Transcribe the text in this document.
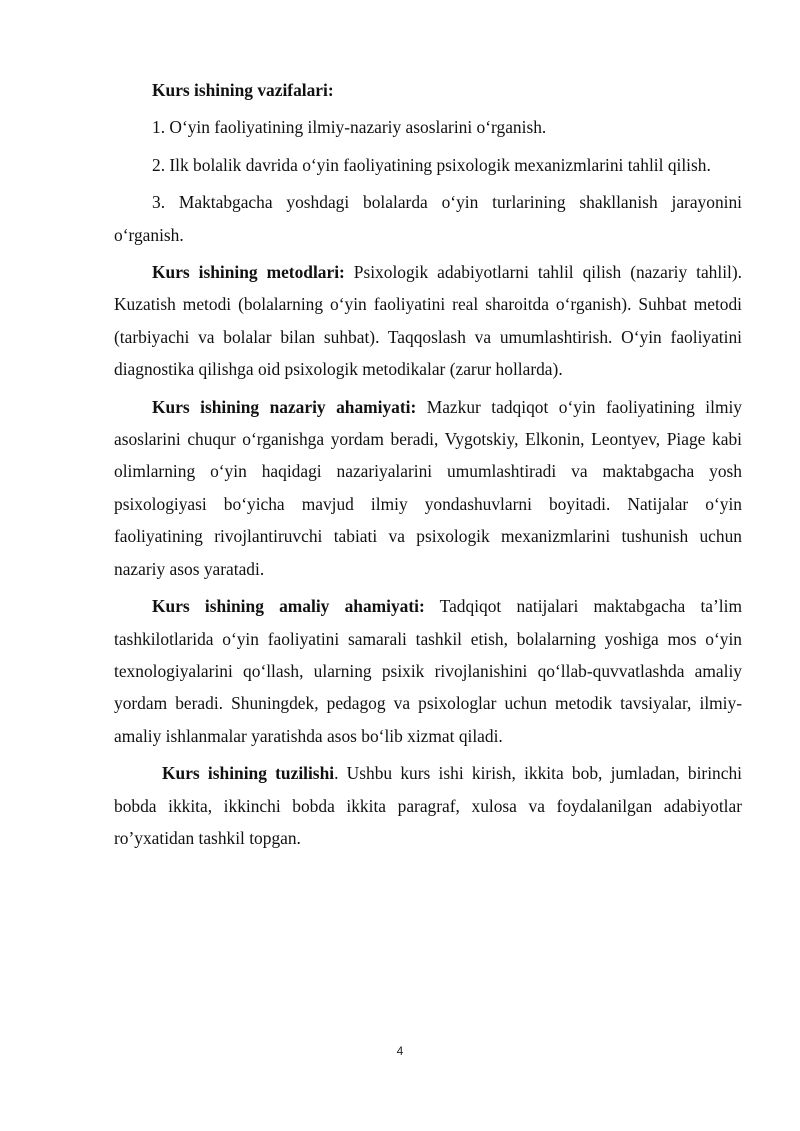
Kurs ishining vazifalari:

1. O‘yin faoliyatining ilmiy-nazariy asoslarini o‘rganish.

2. Ilk bolalik davrida o‘yin faoliyatining psixologik mexanizmlarini tahlil qilish.

3. Maktabgacha yoshdagi bolalarda o‘yin turlarining shakllanish jarayonini o‘rganish.

Kurs ishining metodlari: Psixologik adabiyotlarni tahlil qilish (nazariy tahlil). Kuzatish metodi (bolalarning o‘yin faoliyatini real sharoitda o‘rganish). Suhbat metodi (tarbiyachi va bolalar bilan suhbat). Taqqoslash va umumlashtirish. O‘yin faoliyatini diagnostika qilishga oid psixologik metodikalar (zarur hollarda).

Kurs ishining nazariy ahamiyati: Mazkur tadqiqot o‘yin faoliyatining ilmiy asoslarini chuqur o‘rganishga yordam beradi, Vygotskiy, Elkonin, Leontyev, Piage kabi olimlarning o‘yin haqidagi nazariyalarini umumlashtiradi va maktabgacha yosh psixologiyasi bo‘yicha mavjud ilmiy yondashuvlarni boyitadi. Natijalar o‘yin faoliyatining rivojlantiruvchi tabiati va psixologik mexanizmlarini tushunish uchun nazariy asos yaratadi.

Kurs ishining amaliy ahamiyati: Tadqiqot natijalari maktabgacha ta’lim tashkilotlarida o‘yin faoliyatini samarali tashkil etish, bolalarning yoshiga mos o‘yin texnologiyalarini qo‘llash, ularning psixik rivojlanishini qo‘llab-quvvatlashda amaliy yordam beradi. Shuningdek, pedagog va psixologlar uchun metodik tavsiyalar, ilmiy-amaliy ishlanmalar yaratishda asos bo‘lib xizmat qiladi.

Kurs ishining tuzilishi. Ushbu kurs ishi kirish, ikkita bob, jumladan, birinchi bobda ikkita, ikkinchi bobda ikkita paragraf, xulosa va foydalanilgan adabiyotlar ro’yxatidan tashkil topgan.

4
